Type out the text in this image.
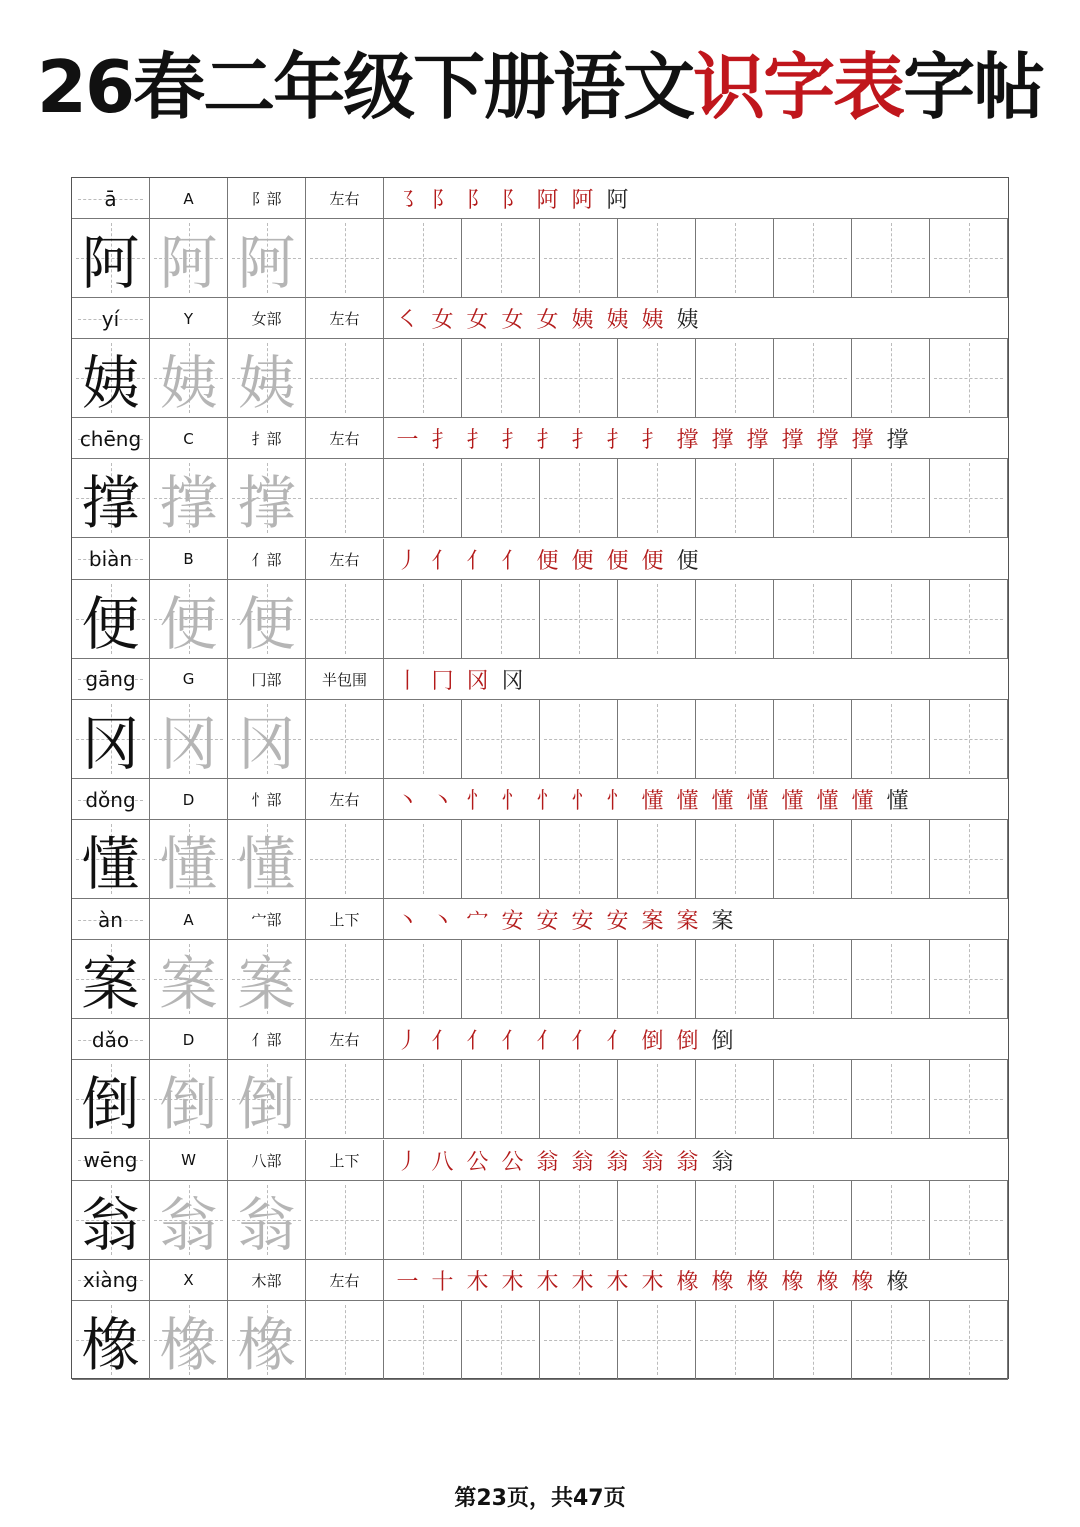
26春二年级下册语文识字表字帖
ā	A	阝部	左右	㇌ 阝 阝 阝 阿 阿 阿
阿 阿 阿
yí	Y	女部	左右	㇛ 女 女 女 女 姨 姨 姨 姨
姨 姨 姨
chēng	C	扌部	左右	一 扌 扌 扌 扌 扌 扌 扌 撑 撑 撑 撑 撑 撑 撑
撑 撑 撑
biàn	B	亻部	左右	丿 亻 亻 亻 便 便 便 便 便
便 便 便
gāng	G	冂部	半包围	丨 冂 冈 冈
冈 冈 冈
dǒng	D	忄部	左右	丶 丶 忄 忄 忄 忄 忄 懂 懂 懂 懂 懂 懂 懂 懂
懂 懂 懂
àn	A	宀部	上下	丶 丶 宀 安 安 安 安 案 案 案
案 案 案
dǎo	D	亻部	左右	丿 亻 亻 亻 亻 亻 亻 倒 倒 倒
倒 倒 倒
wēng	W	八部	上下	丿 八 公 公 翁 翁 翁 翁 翁 翁
翁 翁 翁
xiàng	X	木部	左右	一 十 木 木 木 木 木 木 橡 橡 橡 橡 橡 橡 橡
橡 橡 橡
第23页，共47页
